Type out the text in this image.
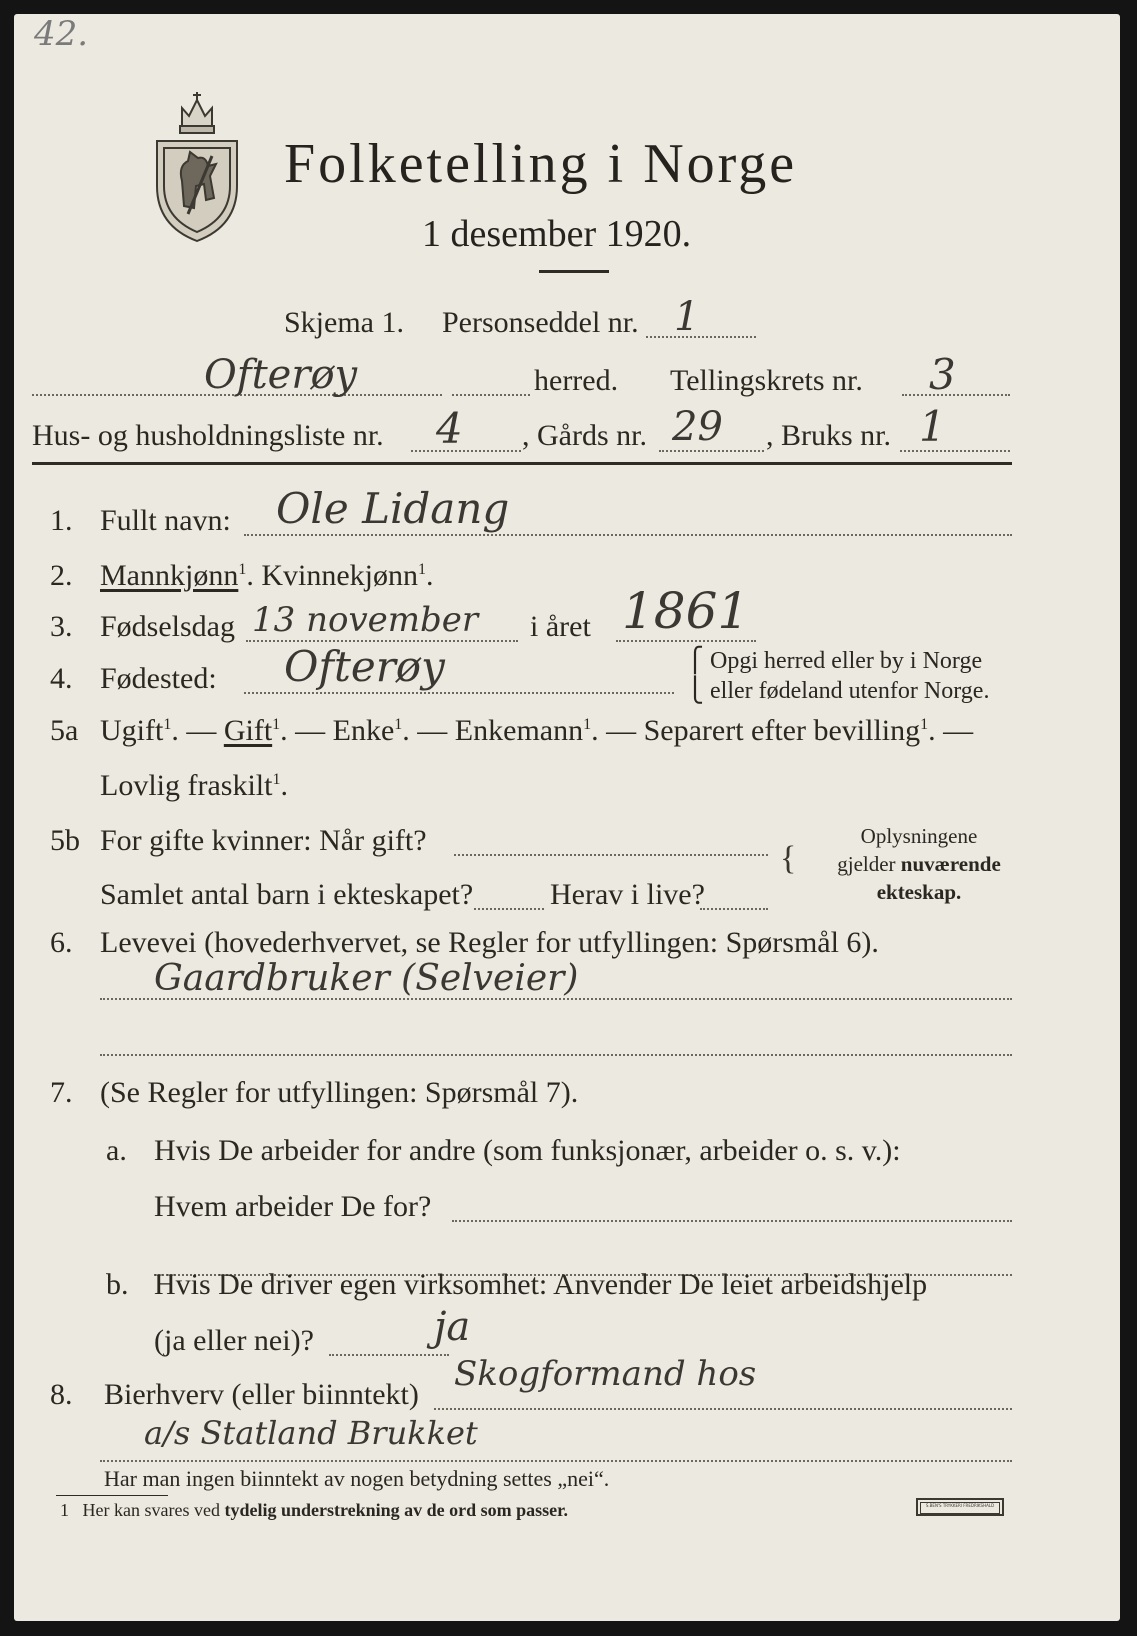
42.
Folketelling i Norge
1 desember 1920.
Skjema 1. Personseddel nr. 1
Ofterøy	herred. Tellingskrets nr. 3
Hus- og husholdningsliste nr. 4 , Gårds nr. 29 , Bruks nr. 1
1. Fullt navn: Ole Lidang
2. Mannkjønn$^1$. Kvinnekjønn$^1$.
3. Fødselsdag 13 november i året 1861
4. Fødested: Ofterøy	⎧ Opgi herred eller by i Norge
⎩ eller fødeland utenfor Norge.
5a Ugift$^1$. — Gift$^1$. — Enke$^1$. — Enkemann$^1$. — Separert efter bevilling$^1$. —
Lovlig fraskilt$^1$.
5b For gifte kvinner: Når gift?
Samlet antal barn i ekteskapet?	Herav i live?
{
Oplysningene
gjelder nuværende
ekteskap.
6. Levevei (hovederhvervet, se Regler for utfyllingen: Spørsmål 6).
Gaardbruker (Selveier)
7. (Se Regler for utfyllingen: Spørsmål 7).
a. Hvis De arbeider for andre (som funksjonær, arbeider o. s. v.):
Hvem arbeider De for?
b. Hvis De driver egen virksomhet: Anvender De leiet arbeidshjelp
(ja eller nei)?	ja
8. Bierhverv (eller biinntekt)
Skogformand hos
a/s Statland Brukket
Har man ingen biinntekt av nogen betydning settes „nei“.
1 Her kan svares ved tydelig understrekning av de ord som passer.	S.BEN'S TRYKKERI FREDRIKSHALD
